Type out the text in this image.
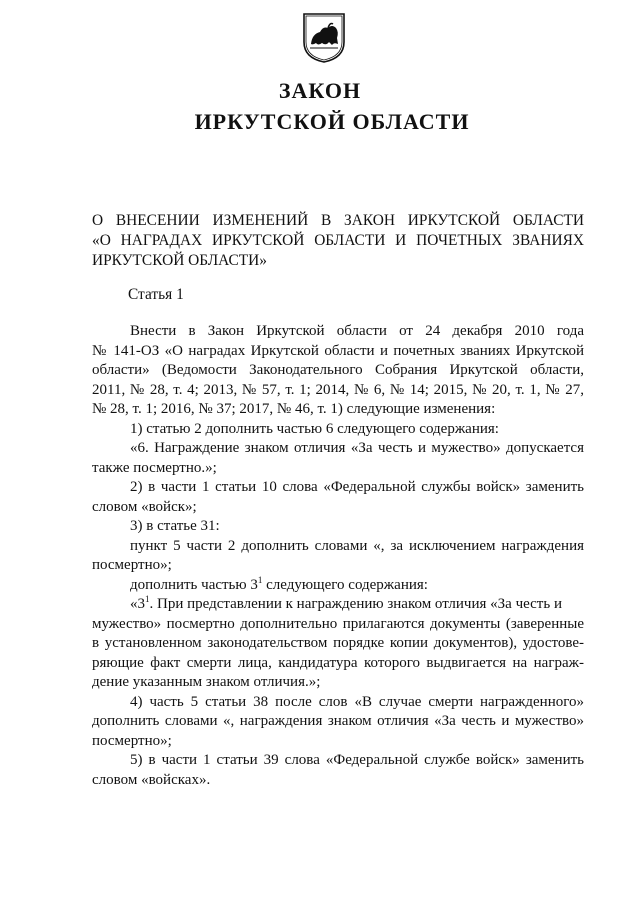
ЗАКОН
ИРКУТСКОЙ ОБЛАСТИ
О ВНЕСЕНИИ ИЗМЕНЕНИЙ В ЗАКОН ИРКУТСКОЙ ОБЛАСТИ
«О НАГРАДАХ ИРКУТСКОЙ ОБЛАСТИ И ПОЧЕТНЫХ ЗВАНИЯХ
ИРКУТСКОЙ ОБЛАСТИ»
Статья 1
Внести в Закон Иркутской области от 24 декабря 2010 года
№ 141-ОЗ «О наградах Иркутской области и почетных званиях Иркутской
области» (Ведомости Законодательного Собрания Иркутской области,
2011, № 28, т. 4; 2013, № 57, т. 1; 2014, № 6, № 14; 2015, № 20, т. 1, № 27,
№ 28, т. 1; 2016, № 37; 2017, № 46, т. 1) следующие изменения:
1) статью 2 дополнить частью 6 следующего содержания:
«6. Награждение знаком отличия «За честь и мужество» допускается
также посмертно.»;
2) в части 1 статьи 10 слова «Федеральной службы войск» заменить
словом «войск»;
3) в статье 31:
пункт 5 части 2 дополнить словами «, за исключением награждения
посмертно»;
дополнить частью $3^1$ следующего содержания:
«$3^1$. При представлении к награждению знаком отличия «За честь и
мужество» посмертно дополнительно прилагаются документы (заверенные
в установленном законодательством порядке копии документов), удостове-
ряющие факт смерти лица, кандидатура которого выдвигается на награж-
дение указанным знаком отличия.»;
4) часть 5 статьи 38 после слов «В случае смерти награжденного»
дополнить словами «, награждения знаком отличия «За честь и мужество»
посмертно»;
5) в части 1 статьи 39 слова «Федеральной службе войск» заменить
словом «войсках».
